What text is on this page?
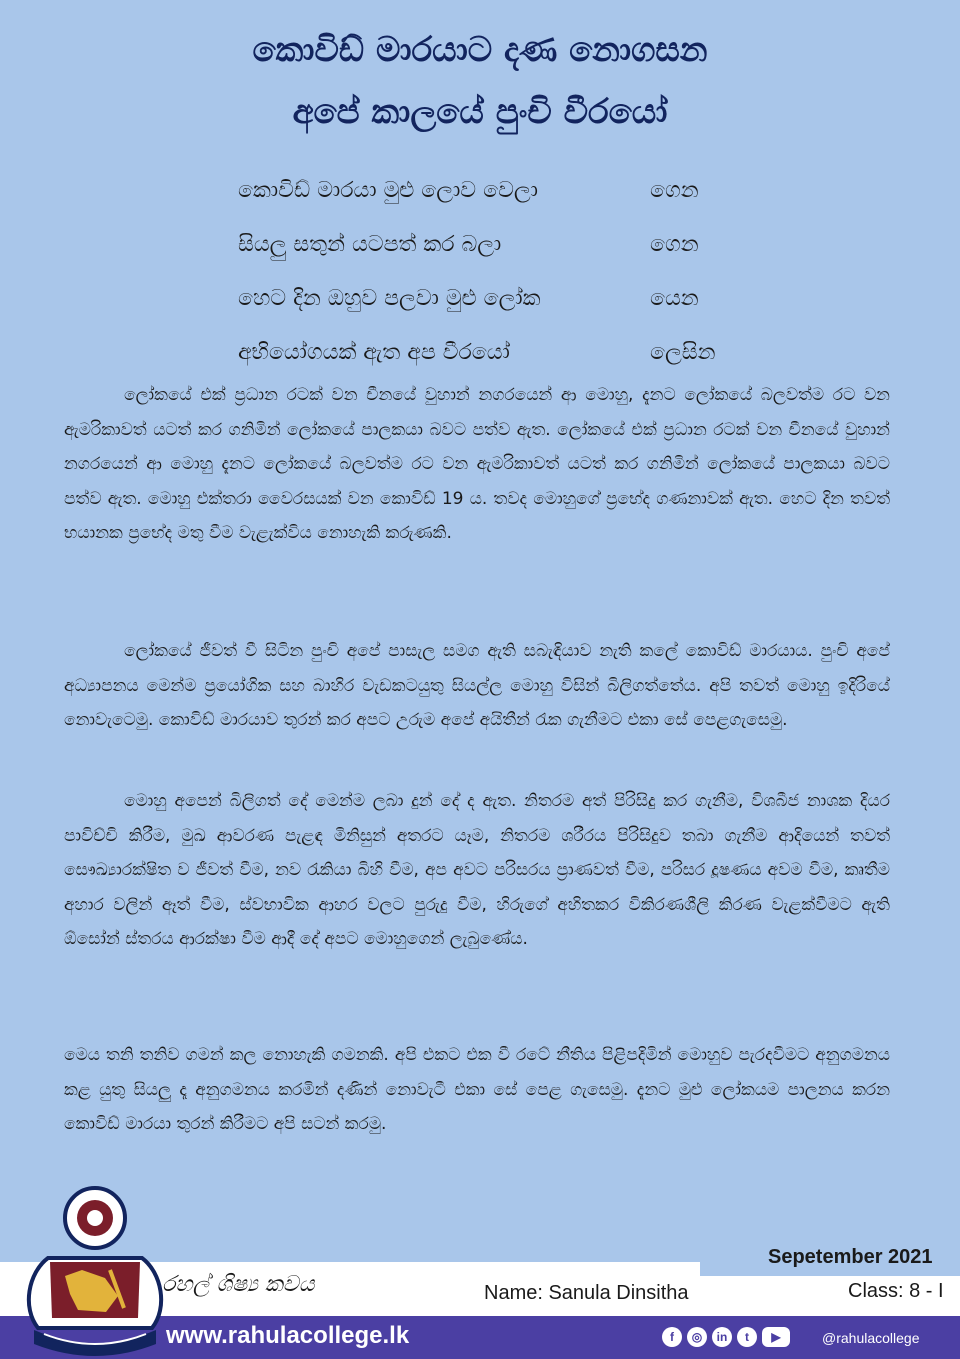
කොවිඩ් මාරයාට දණ නොගසන
අපේ කාලයේ පුංචි වීරයෝ
කොවිඩ් මාරයා මුළු ලොව වෙලා	ගෙන
සියලු සතුන් යටපත් කර බලා	ගෙන
හෙට දින ඔහුව පලවා මුළු ලෝක	යෙන
අභියෝගයක් ඇත අප වීරයෝ	ලෙසින

ලෝකයේ එක් ප්‍රධාන රටක් වන චීනයේ වුහාන් නගරයෙන් ආ මොහු, දැනට ලෝකයේ බලවත්ම රට වන ඇමරිකාවත් යටත් කර ගනිමින් ලෝකයේ පාලකයා බවට පත්ව ඇත. ලෝකයේ එක් ප්‍රධාන රටක් වන චීනයේ වුහාන් නගරයෙන් ආ මොහු දැනට ලෝකයේ බලවත්ම රට වන ඇමරිකාවත් යටත් කර ගනිමින් ලෝකයේ පාලකයා බවට පත්ව ඇත. මොහු එක්තරා වෛරසයක් වන කොවිඩ් 19 ය. තවද මොහුගේ ප්‍රභේද ගණනාවක් ඇත. හෙට දින තවත් භයානක ප්‍රභේද මතු වීම වැළැක්විය නොහැකි කරුණකි.

ලෝකයේ ජීවත් වී සිටින පුංචි අපේ පාසැල සමග ඇති සබැඳියාව නැති කලේ කොවිඩ් මාරයාය. පුංචි අපේ අධ්‍යාපනය මෙන්ම ප්‍රයෝගික සහ බාහිර වැඩකටයුතු සියල්ල මොහු විසින් බිලිගත්තේය. අපි තවත් මොහු ඉදිරියේ නොවැටෙමු. කොවිඩ් මාරයාව තුරන් කර අපට උරුම අපේ අයිතීන් රැක ගැනීමට එකා සේ පෙළගැසෙමු.

මොහු අපෙන් බිලිගත් දේ මෙන්ම ලබා දුන් දේ ද ඇත. නිතරම අත් පිරිසිදු කර ගැනීම, විශබීජ නාශක දියර පාවිච්චි කිරීම, මුඛ ආවරණ පැළඳ මිනිසුන් අතරට යෑම, නිතරම ශරීරය පිරිසිදුව තබා ගැනීම ආදියෙන් තවත් සෞඛ්‍යාරක්ෂිත ව ජීවත් වීම, නව රැකියා බිහි වීම, අප අවට පරිසරය ප්‍රාණවත් වීම, පරිසර දූෂණය අවම වීම, කෘතීම අහාර වලින් ඈත් වීම, ස්වභාවික ආහර වලට පුරුදු වීම, හිරුගේ අහිතකර විකිරණශීලි කිරණ වැළක්වීමට ඇති ඕසෝන් ස්තරය ආරක්ෂා වීම ආදී දේ අපට මොහුගෙන් ලැබුණේය.

මෙය තනි තනිව ගමන් කල නොහැකි ගමනකි. අපි එකට එක වී රටේ නීතිය පිළිපදිමින් මොහුව පැරදවීමට අනුගමනය කළ යුතු සියලු දෑ අනුගමනය කරමින් දණින් නොවැටී එකා සේ පෙළ ගැසෙමු. දැනට මුළු ලෝකයම පාලනය කරන කොවිඩ් මාරයා තුරන් කිරීමට අපි සටන් කරමු.

රහල් ශිෂ්‍ය කවය
Sepetember 2021
Name: Sanula Dinsitha	Class: 8 - I
www.rahulacollege.lk	f	◎	in	t	▶	@rahulacollege
